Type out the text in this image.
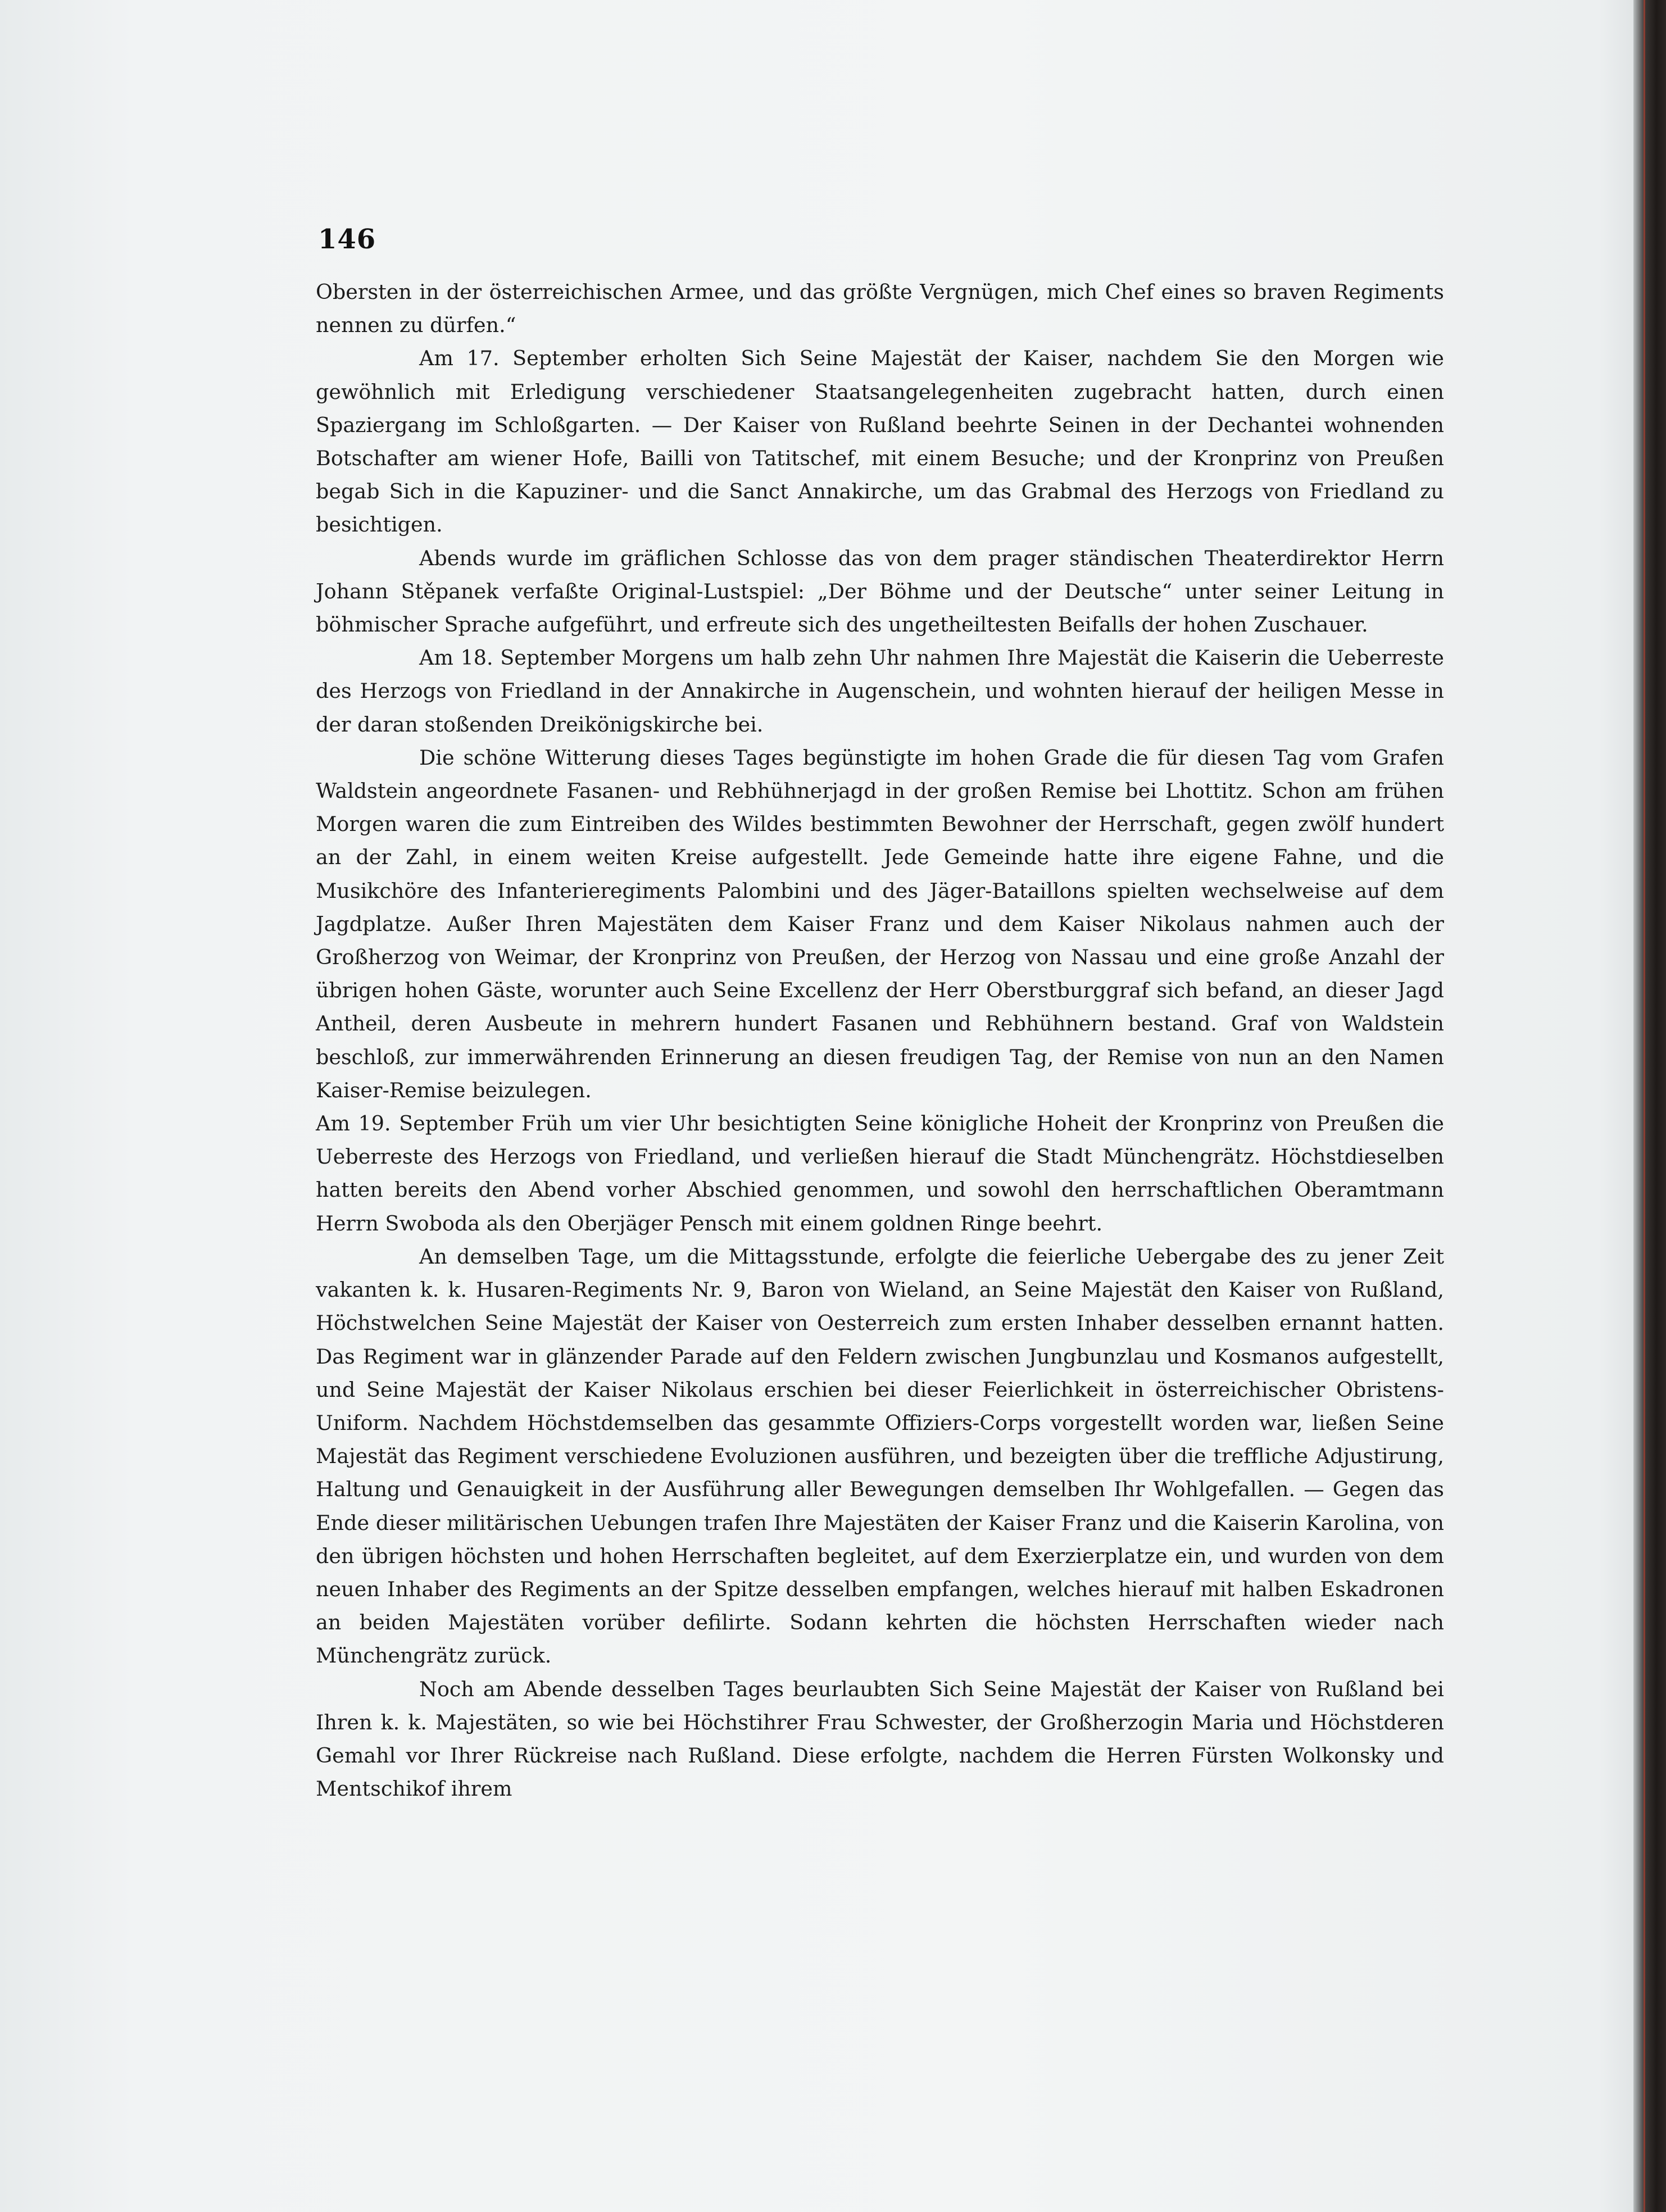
146

Obersten in der österreichischen Armee, und das größte Vergnügen, mich Chef eines so braven Regiments nennen zu dürfen.“

Am 17. September erholten Sich Seine Majestät der Kaiser, nachdem Sie den Morgen wie gewöhnlich mit Erledigung verschiedener Staatsangelegenheiten zugebracht hatten, durch einen Spaziergang im Schloßgarten. — Der Kaiser von Rußland beehrte Seinen in der Dechantei wohnenden Botschafter am wiener Hofe, Bailli von Tatitschef, mit einem Besuche; und der Kronprinz von Preußen begab Sich in die Kapuziner- und die Sanct Annakirche, um das Grabmal des Herzogs von Friedland zu besichtigen.

Abends wurde im gräflichen Schlosse das von dem prager ständischen Theaterdirektor Herrn Johann Stěpanek verfaßte Original-Lustspiel: „Der Böhme und der Deutsche“ unter seiner Leitung in böhmischer Sprache aufgeführt, und erfreute sich des ungetheiltesten Beifalls der hohen Zuschauer.

Am 18. September Morgens um halb zehn Uhr nahmen Ihre Majestät die Kaiserin die Ueberreste des Herzogs von Friedland in der Annakirche in Augenschein, und wohnten hierauf der heiligen Messe in der daran stoßenden Dreikönigskirche bei.

Die schöne Witterung dieses Tages begünstigte im hohen Grade die für diesen Tag vom Grafen Waldstein angeordnete Fasanen- und Rebhühnerjagd in der großen Remise bei Lhottitz. Schon am frühen Morgen waren die zum Eintreiben des Wildes bestimmten Bewohner der Herrschaft, gegen zwölf hundert an der Zahl, in einem weiten Kreise aufgestellt. Jede Gemeinde hatte ihre eigene Fahne, und die Musikchöre des Infanterieregiments Palombini und des Jäger-Bataillons spielten wechselweise auf dem Jagdplatze. Außer Ihren Majestäten dem Kaiser Franz und dem Kaiser Nikolaus nahmen auch der Großherzog von Weimar, der Kronprinz von Preußen, der Herzog von Nassau und eine große Anzahl der übrigen hohen Gäste, worunter auch Seine Excellenz der Herr Oberstburggraf sich befand, an dieser Jagd Antheil, deren Ausbeute in mehrern hundert Fasanen und Rebhühnern bestand. Graf von Waldstein beschloß, zur immerwährenden Erinnerung an diesen freudigen Tag, der Remise von nun an den Namen Kaiser-Remise beizulegen.

Am 19. September Früh um vier Uhr besichtigten Seine königliche Hoheit der Kronprinz von Preußen die Ueberreste des Herzogs von Friedland, und verließen hierauf die Stadt Münchengrätz. Höchstdieselben hatten bereits den Abend vorher Abschied genommen, und sowohl den herrschaftlichen Oberamtmann Herrn Swoboda als den Oberjäger Pensch mit einem goldnen Ringe beehrt.

An demselben Tage, um die Mittagsstunde, erfolgte die feierliche Uebergabe des zu jener Zeit vakanten k. k. Husaren-Regiments Nr. 9, Baron von Wieland, an Seine Majestät den Kaiser von Rußland, Höchstwelchen Seine Majestät der Kaiser von Oesterreich zum ersten Inhaber desselben ernannt hatten. Das Regiment war in glänzender Parade auf den Feldern zwischen Jungbunzlau und Kosmanos aufgestellt, und Seine Majestät der Kaiser Nikolaus erschien bei dieser Feierlichkeit in österreichischer Obristens-Uniform. Nachdem Höchstdemselben das gesammte Offiziers-Corps vorgestellt worden war, ließen Seine Majestät das Regiment verschiedene Evoluzionen ausführen, und bezeigten über die treffliche Adjustirung, Haltung und Genauigkeit in der Ausführung aller Bewegungen demselben Ihr Wohlgefallen. — Gegen das Ende dieser militärischen Uebungen trafen Ihre Majestäten der Kaiser Franz und die Kaiserin Karolina, von den übrigen höchsten und hohen Herrschaften begleitet, auf dem Exerzierplatze ein, und wurden von dem neuen Inhaber des Regiments an der Spitze desselben empfangen, welches hierauf mit halben Eskadronen an beiden Majestäten vorüber defilirte. Sodann kehrten die höchsten Herrschaften wieder nach Münchengrätz zurück.

Noch am Abende desselben Tages beurlaubten Sich Seine Majestät der Kaiser von Rußland bei Ihren k. k. Majestäten, so wie bei Höchstihrer Frau Schwester, der Großherzogin Maria und Höchstderen Gemahl vor Ihrer Rückreise nach Rußland. Diese erfolgte, nachdem die Herren Fürsten Wolkonsky und Mentschikof ihrem
